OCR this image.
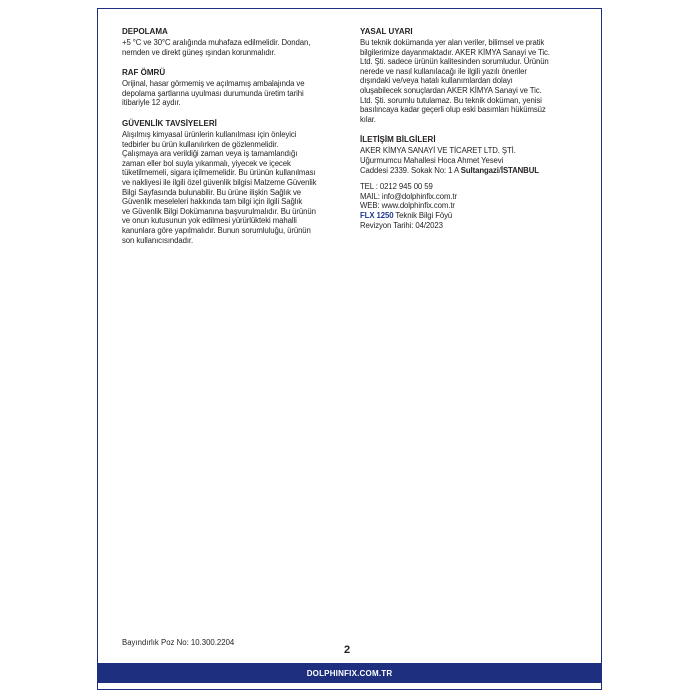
DEPOLAMA
+5 °C ve 30°C aralığında muhafaza edilmelidir. Dondan,
nemden ve direkt güneş ışından korunmalıdır.
RAF ÖMRÜ
Orijinal, hasar görmemiş ve açılmamış ambalajında ve
depolama şartlarına uyulması durumunda üretim tarihi
itibariyle 12 aydır.
GÜVENLİK TAVSİYELERİ
Alışılmış kimyasal ürünlerin kullanılması için önleyici
tedbirler bu ürün kullanılırken de gözlenmelidir.
Çalışmaya ara verildiği zaman veya iş tamamlandığı
zaman eller bol suyla yıkanmalı, yiyecek ve içecek
tüketilmemeli, sigara içilmemelidir. Bu ürünün kullanılması
ve nakliyesi ile ilgili özel güvenlik bilgisi Malzeme Güvenlik
Bilgi Sayfasında bulunabilir. Bu ürüne ilişkin Sağlık ve
Güvenlik meseleleri hakkında tam bilgi için ilgili Sağlık
ve Güvenlik Bilgi Dokümanına başvurulmalıdır. Bu ürünün
ve onun kutusunun yok edilmesi yürürlükteki mahalli
kanunlara göre yapılmalıdır. Bunun sorumluluğu, ürünün
son kullanıcısındadır.
YASAL UYARI
Bu teknik dokümanda yer alan veriler, bilimsel ve pratik
bilgilerimize dayanmaktadır. AKER KİMYA Sanayi ve Tic.
Ltd. Şti. sadece ürünün kalitesinden sorumludur. Ürünün
nerede ve nasıl kullanılacağı ile ilgili yazılı öneriler
dışındaki ve/veya hatalı kullanımlardan dolayı
oluşabilecek sonuçlardan AKER KİMYA Sanayi ve Tic.
Ltd. Şti. sorumlu tutulamaz. Bu teknik doküman, yenisi
basılıncaya kadar geçerli olup eski basımları hükümsüz
kılar.
İLETİŞİM BİLGİLERİ
AKER KİMYA SANAYİ VE TİCARET LTD. ŞTİ.
Uğurmumcu Mahallesi Hoca Ahmet Yesevi
Caddesi 2339. Sokak No: 1 A Sultangazi/İSTANBUL
TEL : 0212 945 00 59
MAIL: info@dolphinfix.com.tr
WEB: www.dolphinfix.com.tr
FLX 1250 Teknik Bilgi Föyü
Revizyon Tarihi: 04/2023
Bayındırlık Poz No: 10.300.2204
2
DOLPHINFIX.COM.TR
